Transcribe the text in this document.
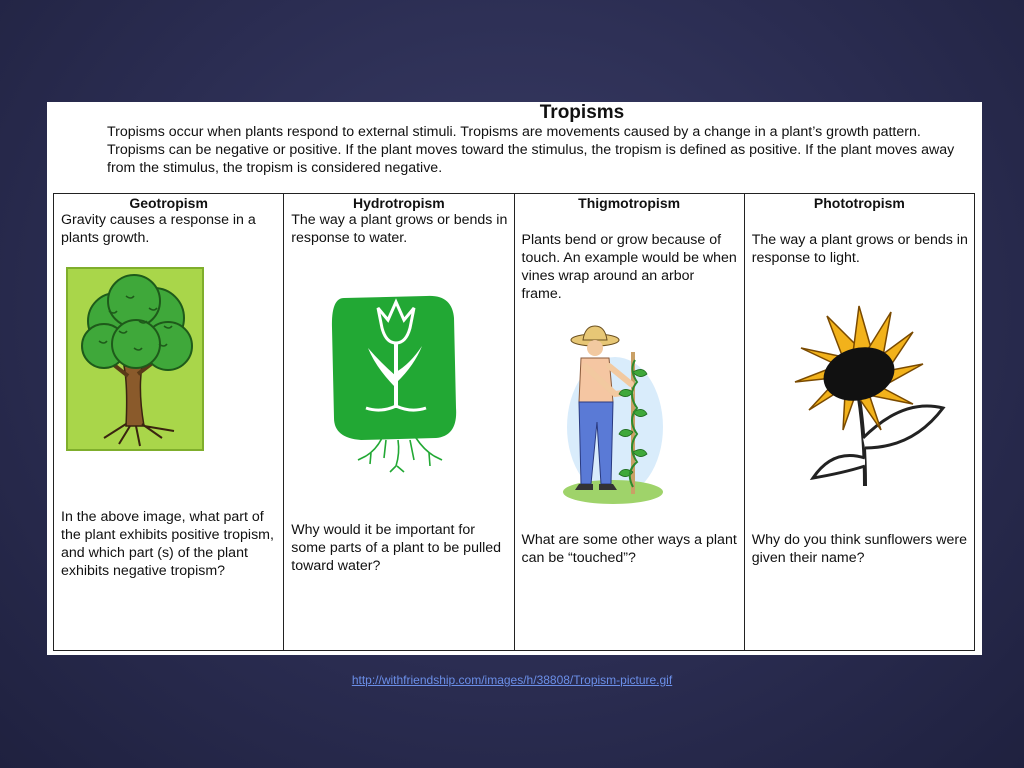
Tropisms
Tropisms occur when plants respond to external stimuli. Tropisms are movements caused by a change in a plant’s growth pattern. Tropisms can be negative or positive. If the plant moves toward the stimulus, the tropism is defined as positive. If the plant moves away from the stimulus, the tropism is considered negative.
Geotropism
Gravity causes a response in a plants growth.
In the above image, what part of the plant exhibits positive tropism, and which part (s) of the plant exhibits negative tropism?
Hydrotropism
The way a plant grows or bends in response to water.
Why would it be important for some parts of a plant to be pulled toward water?
Thigmotropism
Plants bend or grow because of touch. An example would be when vines wrap around an arbor frame.
What are some other ways a plant can be “touched”?
Phototropism
The way a plant grows or bends in response to light.
Why do you think sunflowers were given their name?
http://withfriendship.com/images/h/38808/Tropism-picture.gif
